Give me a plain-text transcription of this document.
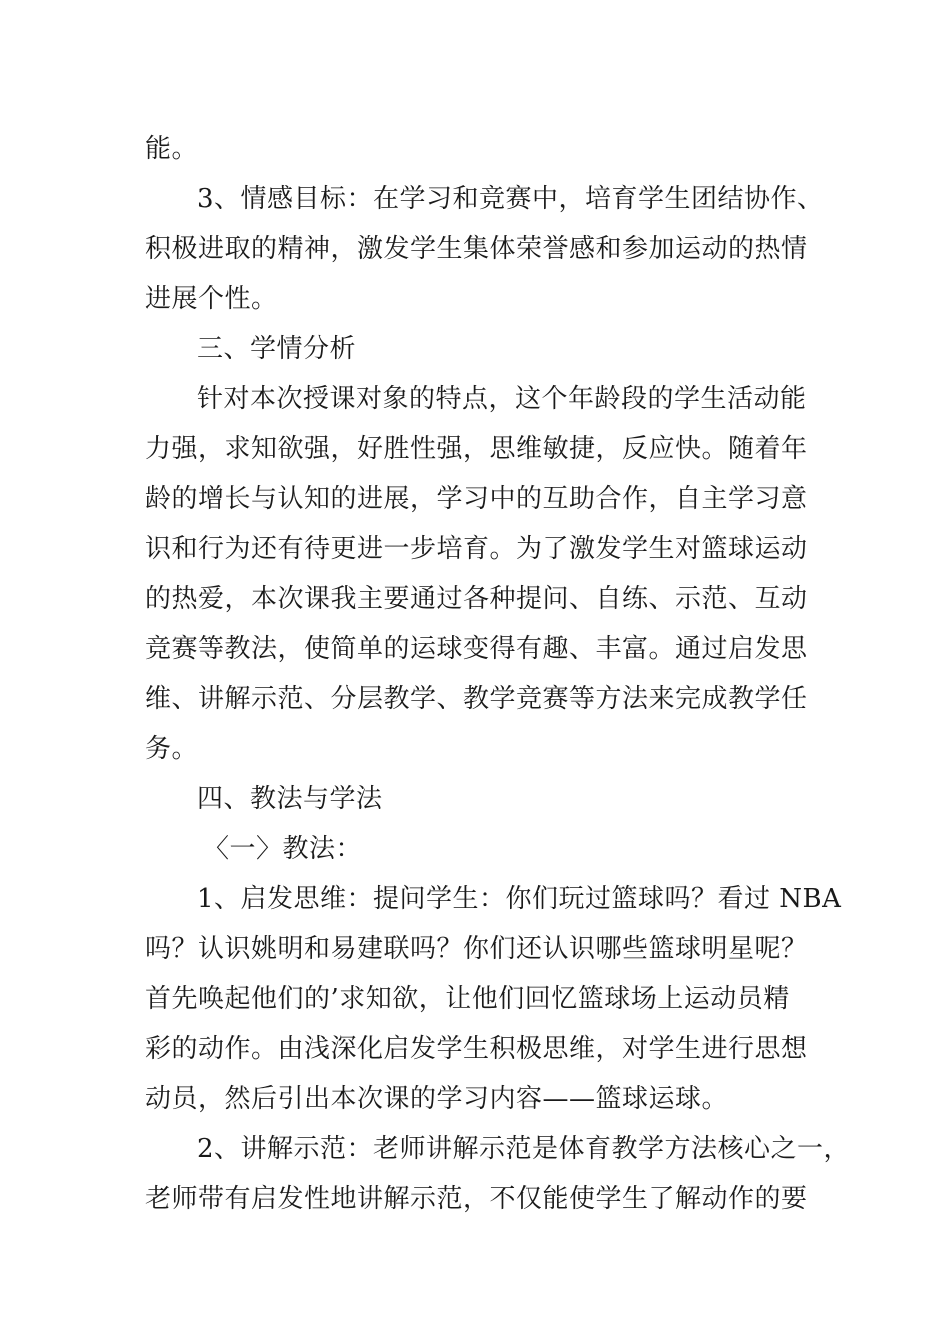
能。
3、情感目标：在学习和竞赛中，培育学生团结协作、
积极进取的精神，激发学生集体荣誉感和参加运动的热情
进展个性。
三、学情分析
针对本次授课对象的特点，这个年龄段的学生活动能
力强，求知欲强，好胜性强，思维敏捷，反应快。随着年
龄的增长与认知的进展，学习中的互助合作，自主学习意
识和行为还有待更进一步培育。为了激发学生对篮球运动
的热爱，本次课我主要通过各种提问、自练、示范、互动
竞赛等教法，使简单的运球变得有趣、丰富。通过启发思
维、讲解示范、分层教学、教学竞赛等方法来完成教学任
务。
四、教法与学法
〈一〉教法：
1、启发思维：提问学生：你们玩过篮球吗？看过 NBA
吗？认识姚明和易建联吗？你们还认识哪些篮球明星呢？
首先唤起他们的’求知欲，让他们回忆篮球场上运动员精
彩的动作。由浅深化启发学生积极思维，对学生进行思想
动员，然后引出本次课的学习内容——篮球运球。
2、讲解示范：老师讲解示范是体育教学方法核心之一，
老师带有启发性地讲解示范，不仅能使学生了解动作的要
